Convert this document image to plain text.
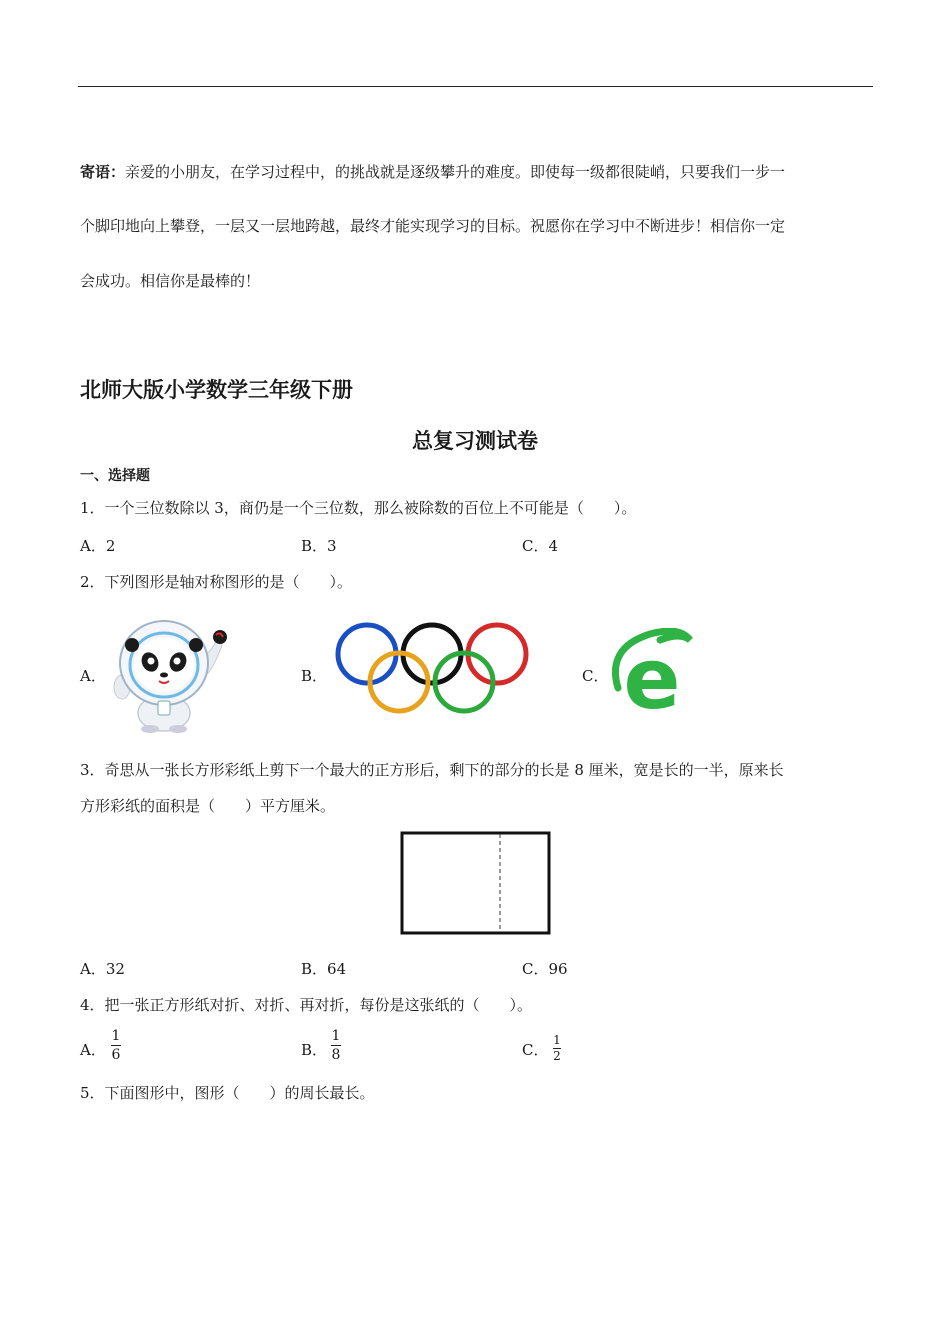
寄语：亲爱的小朋友，在学习过程中，的挑战就是逐级攀升的难度。即使每一级都很陡峭，只要我们一步一
个脚印地向上攀登，一层又一层地跨越，最终才能实现学习的目标。祝愿你在学习中不断进步！相信你一定
会成功。相信你是最棒的！
北师大版小学数学三年级下册
总复习测试卷
一、选择题
1．一个三位数除以 3，商仍是一个三位数，那么被除数的百位上不可能是（　　）。
A．2	B．3	C．4
2．下列图形是轴对称图形的是（　　）。
A．	B．	C． e
3．奇思从一张长方形彩纸上剪下一个最大的正方形后，剩下的部分的长是 8 厘米，宽是长的一半，原来长
方形彩纸的面积是（　　）平方厘米。
A．32	B．64	C．96
4．把一张正方形纸对折、对折、再对折，每份是这张纸的（　　）。
A．
1
6	B．
1
8	C．
1
2
5．下面图形中，图形（　　）的周长最长。
